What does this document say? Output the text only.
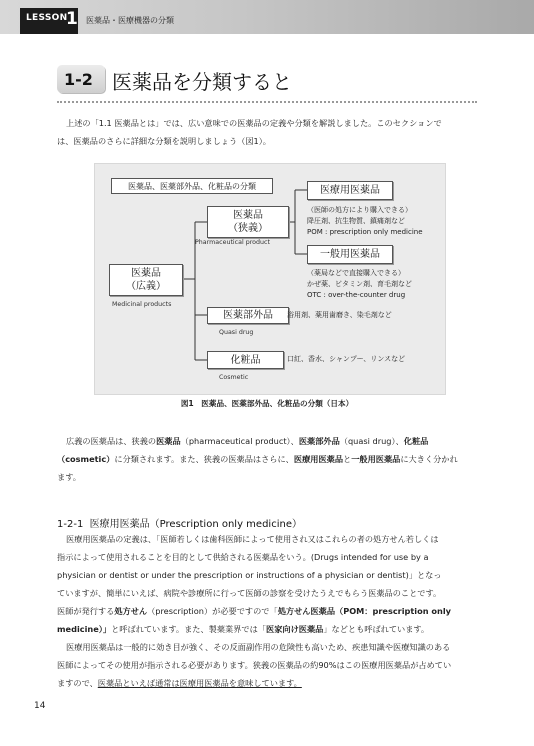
LESSON
1 医薬品・医療機器の分類
1-2 医薬品を分類すると
上述の「1.1 医薬品とは」では、広い意味での医薬品の定義や分類を解説しました。このセクションで
は、医薬品のさらに詳細な分類を説明しましょう（図1）。
医薬品、医薬部外品、化粧品の分類
医薬品
（広義）
Medicinal products
医薬品
（狭義）
Pharmaceutical product
医薬部外品
Quasi drug
浴用剤、薬用歯磨き、染毛剤など
化粧品
Cosmetic
口紅、香水、シャンプー、リンスなど
医療用医薬品
（医師の処方により購入できる）
降圧剤、抗生物質、鎮痛剤など
POM : prescription only medicine
一般用医薬品
（薬局などで直接購入できる）
かぜ薬、ビタミン剤、育毛剤など
OTC : over-the-counter drug
図1　医薬品、医薬部外品、化粧品の分類（日本）
広義の医薬品は、狭義の医薬品（pharmaceutical product）、医薬部外品（quasi drug）、化粧品
（cosmetic）に分類されます。また、狭義の医薬品はさらに、医療用医薬品と一般用医薬品に大きく分かれ
ます。
1-2-1 医療用医薬品（Prescription only medicine）
医療用医薬品の定義は、「医師若しくは歯科医師によって使用され又はこれらの者の処方せん若しくは
指示によって使用されることを目的として供給される医薬品をいう。(Drugs intended for use by a
physician or dentist or under the prescription or instructions of a physician or dentist)」となっ
ていますが、簡単にいえば、病院や診療所に行って医師の診察を受けたうえでもらう医薬品のことです。
医師が発行する処方せん（prescription）が必要ですので「処方せん医薬品（POM：prescription only
medicine）」と呼ばれています。また、製薬業界では「医家向け医薬品」などとも呼ばれています。
医療用医薬品は一般的に効き目が強く、その反面副作用の危険性も高いため、疾患知識や医療知識のある
医師によってその使用が指示される必要があります。狭義の医薬品の約90%はこの医療用医薬品が占めてい
ますので、医薬品といえば通常は医療用医薬品を意味しています。
14
